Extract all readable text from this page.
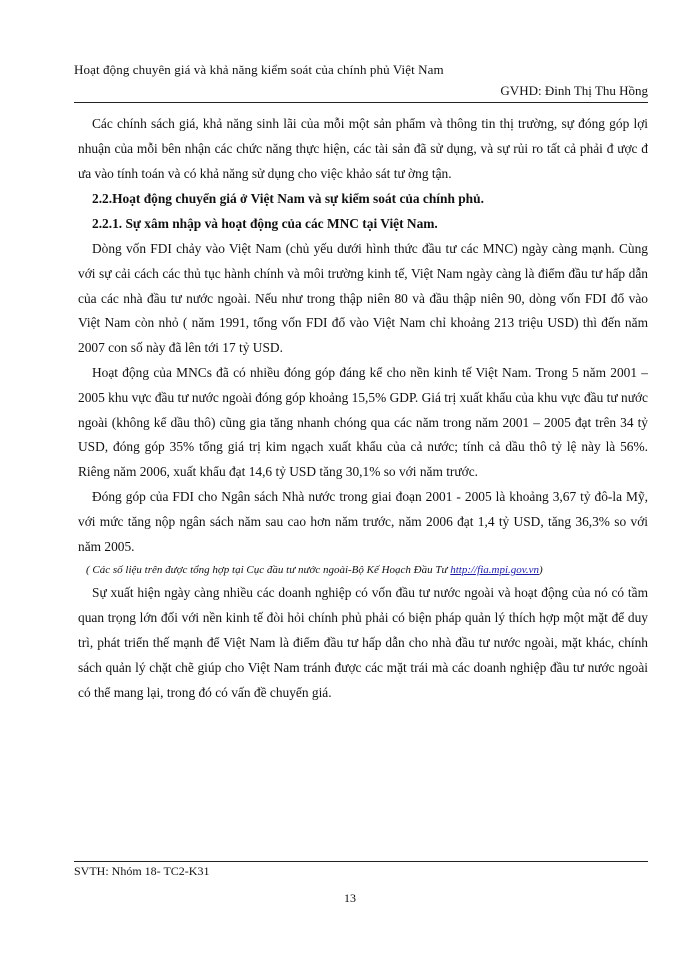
Hoạt động chuyên giá và khả năng kiểm soát của chính phủ Việt Nam
GVHD: Đinh Thị Thu Hồng

Các chính sách giá, khả năng sinh lãi của mỗi một sản phẩm và thông tin thị trường, sự đóng góp lợi nhuận của mỗi bên nhận các chức năng thực hiện, các tài sản đã sử dụng, và sự rủi ro tất cả phải đ ược đ ưa vào tính toán và có khả năng sử dụng cho việc khảo sát tư ờng tận.

2.2.Hoạt động chuyển giá ở Việt Nam và sự kiểm soát của chính phủ.

2.2.1. Sự xâm nhập và hoạt động của các MNC tại Việt Nam.

Dòng vốn FDI chảy vào Việt Nam (chủ yếu dưới hình thức đầu tư các MNC) ngày càng mạnh. Cùng với sự cải cách các thủ tục hành chính và môi trường kinh tế, Việt Nam ngày càng là điểm đầu tư hấp dẫn của các nhà đầu tư nước ngoài. Nếu như trong thập niên 80 và đầu thập niên 90, dòng vốn FDI đổ vào Việt Nam còn nhỏ ( năm 1991, tổng vốn FDI đổ vào Việt Nam chỉ khoảng 213 triệu USD) thì đến năm 2007 con số này đã lên tới 17 tỷ USD.

Hoạt động của MNCs đã có nhiều đóng góp đáng kể cho nền kinh tế Việt Nam. Trong 5 năm 2001 – 2005 khu vực đầu tư nước ngoài đóng góp khoảng 15,5% GDP. Giá trị xuất khẩu của khu vực đầu tư nước ngoài (không kể dầu thô) cũng gia tăng nhanh chóng qua các năm trong năm 2001 – 2005 đạt trên 34 tỷ USD, đóng góp 35% tổng giá trị kim ngạch xuất khẩu của cả nước; tính cả dầu thô tỷ lệ này là 56%. Riêng năm 2006, xuất khẩu đạt 14,6 tỷ USD tăng 30,1% so với năm trước.

Đóng góp của FDI cho Ngân sách Nhà nước trong giai đoạn 2001 - 2005 là khoảng 3,67 tỷ đô-la Mỹ, với mức tăng nộp ngân sách năm sau cao hơn năm trước, năm 2006 đạt 1,4 tỷ USD, tăng 36,3% so với năm 2005.

( Các số liệu trên được tổng hợp tại Cục đầu tư nước ngoài-Bộ Kế Hoạch Đầu Tư http://fia.mpi.gov.vn)

Sự xuất hiện ngày càng nhiều các doanh nghiệp có vốn đầu tư nước ngoài và hoạt động của nó có tầm quan trọng lớn đối với nền kinh tế đòi hỏi chính phủ phải có biện pháp quản lý thích hợp một mặt để duy trì, phát triển thế mạnh để Việt Nam là điểm đầu tư hấp dẫn cho nhà đầu tư nước ngoài, mặt khác, chính sách quản lý chặt chẽ giúp cho Việt Nam tránh được các mặt trái mà các doanh nghiệp đầu tư nước ngoài có thể mang lại, trong đó có vấn đề chuyển giá.

SVTH: Nhóm 18- TC2-K31
13
